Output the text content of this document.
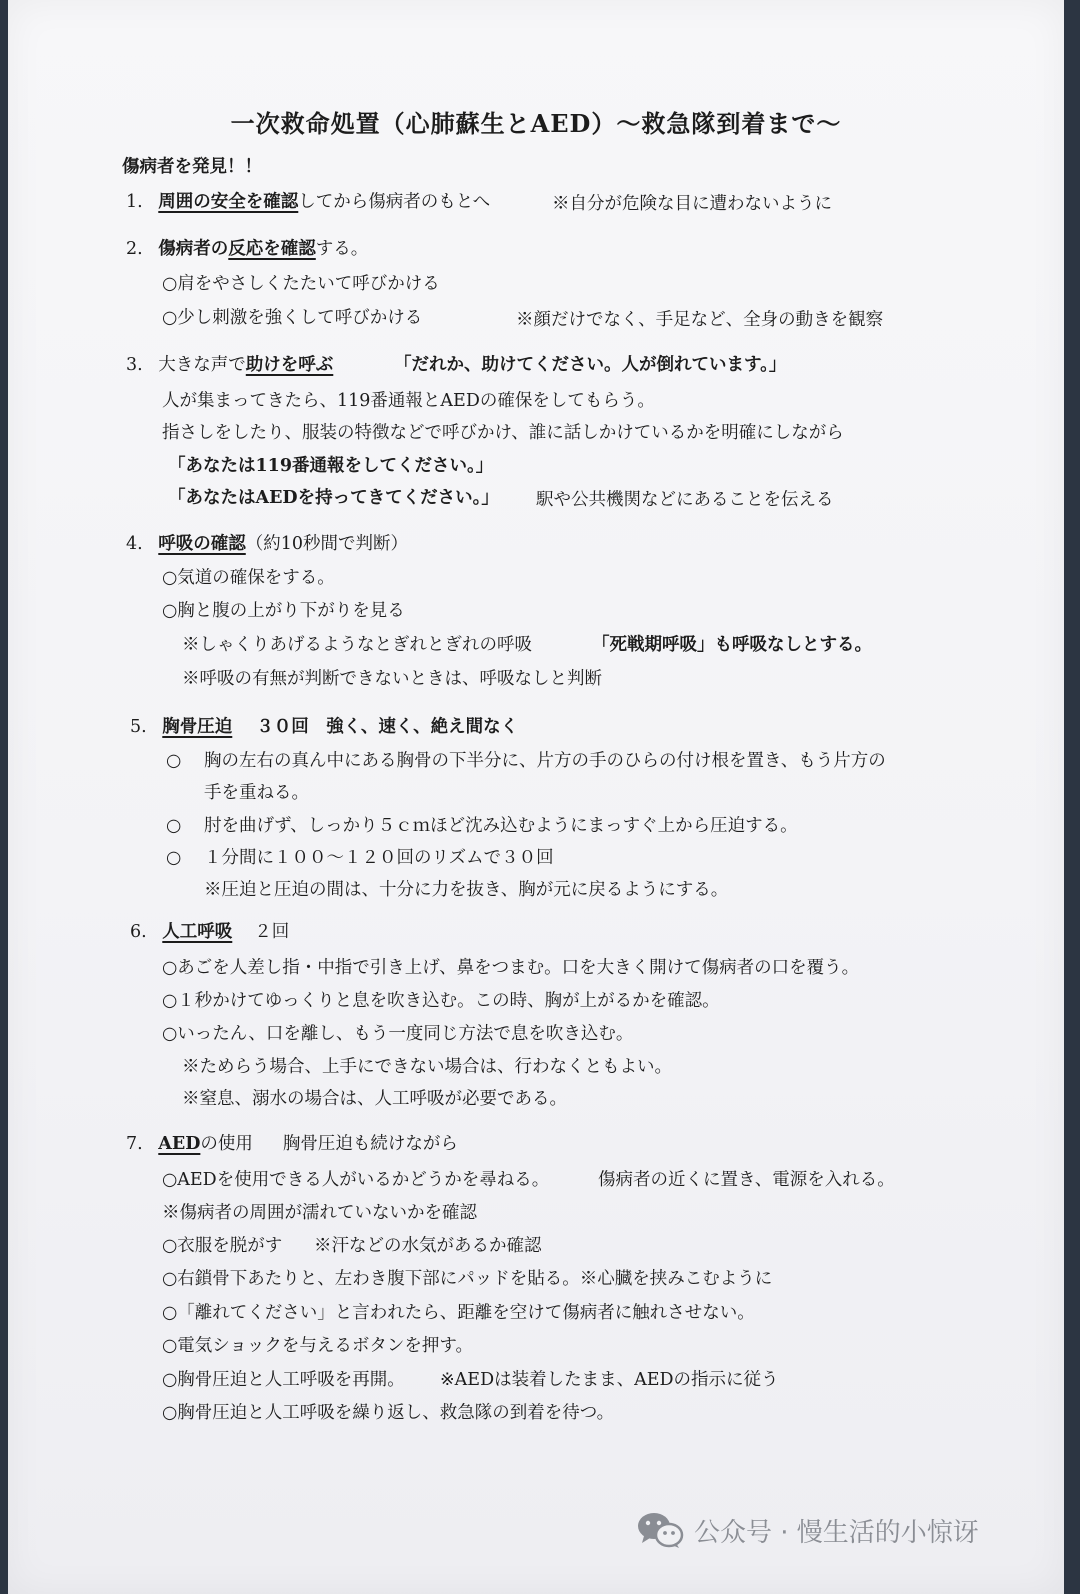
一次救命処置（心肺蘇生とAED）〜救急隊到着まで〜
傷病者を発見！！
1. 周囲の安全を確認してから傷病者のもとへ	※自分が危険な目に遭わないように
2. 傷病者の反応を確認する。
○肩をやさしくたたいて呼びかける
○少し刺激を強くして呼びかける	※顔だけでなく、手足など、全身の動きを観察
3. 大きな声で助けを呼ぶ	「だれか、助けてください。人が倒れています。」
人が集まってきたら、119番通報とAEDの確保をしてもらう。
指さしをしたり、服装の特徴などで呼びかけ、誰に話しかけているかを明確にしながら
「あなたは119番通報をしてください。」
「あなたはAEDを持ってきてください。」 駅や公共機関などにあることを伝える
4. 呼吸の確認（約10秒間で判断）
○気道の確保をする。
○胸と腹の上がり下がりを見る
※しゃくりあげるようなとぎれとぎれの呼吸	「死戦期呼吸」も呼吸なしとする。
※呼吸の有無が判断できないときは、呼吸なしと判断
5. 胸骨圧迫 ３０回　強く、速く、絶え間なく
○ 胸の左右の真ん中にある胸骨の下半分に、片方の手のひらの付け根を置き、もう片方の
手を重ねる。
○ 肘を曲げず、しっかり５ｃｍほど沈み込むようにまっすぐ上から圧迫する。
○ １分間に１００〜１２０回のリズムで３０回
※圧迫と圧迫の間は、十分に力を抜き、胸が元に戻るようにする。
6. 人工呼吸 ２回
○あごを人差し指・中指で引き上げ、鼻をつまむ。口を大きく開けて傷病者の口を覆う。
○１秒かけてゆっくりと息を吹き込む。この時、胸が上がるかを確認。
○いったん、口を離し、もう一度同じ方法で息を吹き込む。
※ためらう場合、上手にできない場合は、行わなくともよい。
※窒息、溺水の場合は、人工呼吸が必要である。
7. AEDの使用 胸骨圧迫も続けながら
○AEDを使用できる人がいるかどうかを尋ねる。	傷病者の近くに置き、電源を入れる。
※傷病者の周囲が濡れていないかを確認
○衣服を脱がす ※汗などの水気があるか確認
○右鎖骨下あたりと、左わき腹下部にパッドを貼る。※心臓を挟みこむように
○「離れてください」と言われたら、距離を空けて傷病者に触れさせない。
○電気ショックを与えるボタンを押す。
○胸骨圧迫と人工呼吸を再開。 ※AEDは装着したまま、AEDの指示に従う
○胸骨圧迫と人工呼吸を繰り返し、救急隊の到着を待つ。
公众号 · 慢生活的小惊讶
